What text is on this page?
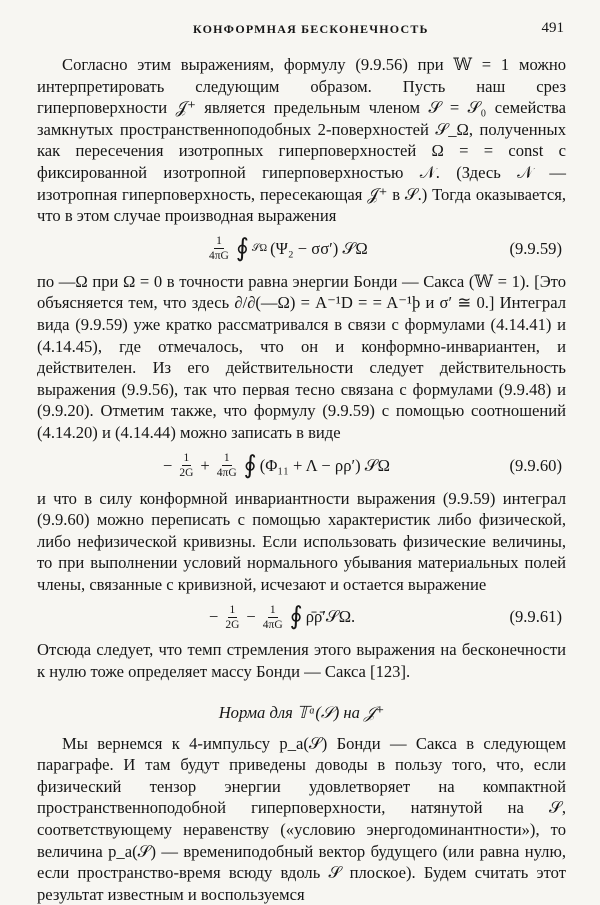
КОНФОРМНАЯ БЕСКОНЕЧНОСТЬ	491

Согласно этим выражениям, формулу (9.9.56) при 𝕎 = 1 можно интерпретировать следующим образом. Пусть наш срез гиперповерхности 𝒥⁺ является предельным членом 𝒮 = 𝒮₀ семейства замкнутых пространственноподобных 2-поверхностей 𝒮_Ω, полученных как пересечения изотропных гиперповерхностей Ω = = const с фиксированной изотропной гиперповерхностью 𝒩. (Здесь 𝒩 — изотропная гиперповерхность, пересекающая 𝒥⁺ в 𝒮.) Тогда оказывается, что в этом случае производная выражения

$\frac{1}{4\pi G}$ ∮ 𝒮Ω (Ψ₂ − σσ′) 𝒮Ω	(9.9.59)

по —Ω при Ω = 0 в точности равна энергии Бонди — Сакса (𝕎 = 1). [Это объясняется тем, что здесь ∂/∂(—Ω) = A⁻¹D = = A⁻¹þ и σ′ ≅ 0.] Интеграл вида (9.9.59) уже кратко рассматривался в связи с формулами (4.14.41) и (4.14.45), где отмечалось, что он и конформно-инвариантен, и действителен. Из его действительности следует действительность выражения (9.9.56), так что первая тесно связана с формулами (9.9.48) и (9.9.20). Отметим также, что формулу (9.9.59) с помощью соотношений (4.14.20) и (4.14.44) можно записать в виде

− $\frac{1}{2G} + \frac{1}{4\pi G}$ ∮ (Φ₁₁ + Λ − ρρ′) 𝒮Ω	(9.9.60)

и что в силу конформной инвариантности выражения (9.9.59) интеграл (9.9.60) можно переписать с помощью характеристик либо физической, либо нефизической кривизны. Если использовать физические величины, то при выполнении условий нормального убывания материальных полей члены, связанные с кривизной, исчезают и остается выражение

− $\frac{1}{2G} - \frac{1}{4\pi G}$ ∮ ρ̄ρ̄′𝒮Ω.	(9.9.61)

Отсюда следует, что темп стремления этого выражения на бесконечности к нулю тоже определяет массу Бонди — Сакса [123].

Норма для 𝕋ᵅ(𝒮) на 𝒥⁺

Мы вернемся к 4-импульсу p_a(𝒮) Бонди — Сакса в следующем параграфе. И там будут приведены доводы в пользу того, что, если физический тензор энергии удовлетворяет на компактной пространственноподобной гиперповерхности, натянутой на 𝒮, соответствующему неравенству («условию энергодоминантности»), то величина p_a(𝒮) — времениподобный вектор будущего (или равна нулю, если пространство-время всюду вдоль 𝒮 плоское). Будем считать этот результат известным и воспользуемся
